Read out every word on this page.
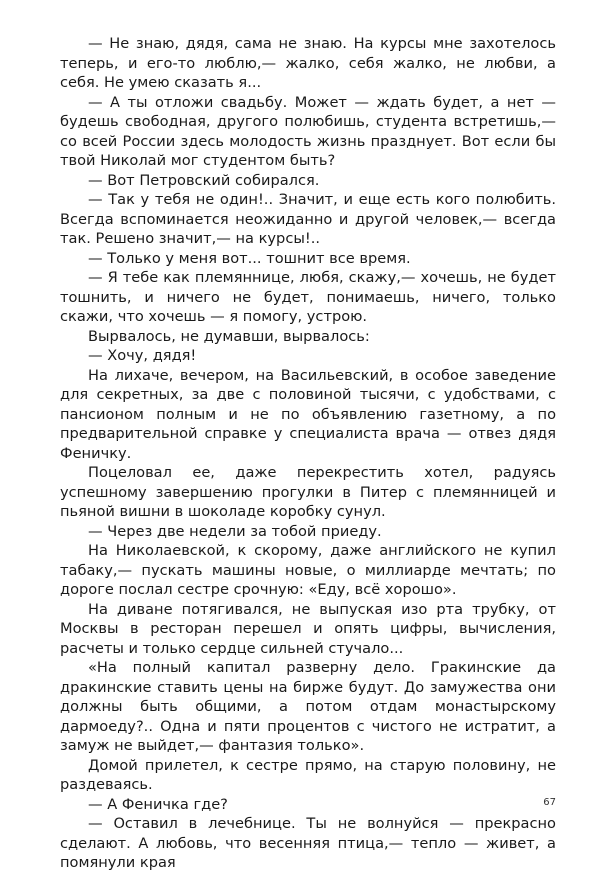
— Не знаю, дядя, сама не знаю. На курсы мне захотелось теперь, и его-то люблю,— жалко, себя жалко, не любви, а себя. Не умею сказать я...

— А ты отложи свадьбу. Может — ждать будет, а нет — будешь свободная, другого полюбишь, студента встретишь,— со всей России здесь молодость жизнь празднует. Вот если бы твой Николай мог студентом быть?

— Вот Петровский собирался.

— Так у тебя не один!.. Значит, и еще есть кого полюбить. Всегда вспоминается неожиданно и другой человек,— всегда так. Решено значит,— на курсы!..

— Только у меня вот... тошнит все время.

— Я тебе как племяннице, любя, скажу,— хочешь, не будет тошнить, и ничего не будет, понимаешь, ничего, только скажи, что хочешь — я помогу, устрою.

Вырвалось, не думавши, вырвалось:

— Хочу, дядя!

На лихаче, вечером, на Васильевский, в особое заведение для секретных, за две с половиной тысячи, с удобствами, с пансионом полным и не по объявлению газетному, а по предварительной справке у специалиста врача — отвез дядя Феничку.

Поцеловал ее, даже перекрестить хотел, радуясь успешному завершению прогулки в Питер с племянницей и пьяной вишни в шоколаде коробку сунул.

— Через две недели за тобой приеду.

На Николаевской, к скорому, даже английского не купил табаку,— пускать машины новые, о миллиарде мечтать; по дороге послал сестре срочную: «Еду, всё хорошо».

На диване потягивался, не выпуская изо рта трубку, от Москвы в ресторан перешел и опять цифры, вычисления, расчеты и только сердце сильней стучало...

«На полный капитал разверну дело. Гракинские да дракинские ставить цены на бирже будут. До замужества они должны быть общими, а потом отдам монастырскому дармоеду?.. Одна и пяти процентов с чистого не истратит, а замуж не выйдет,— фантазия только».

Домой прилетел, к сестре прямо, на старую половину, не раздеваясь.

— А Феничка где?

— Оставил в лечебнице. Ты не волнуйся — прекрасно сделают. А любовь, что весенняя птица,— тепло — живет, а помянули края

67
